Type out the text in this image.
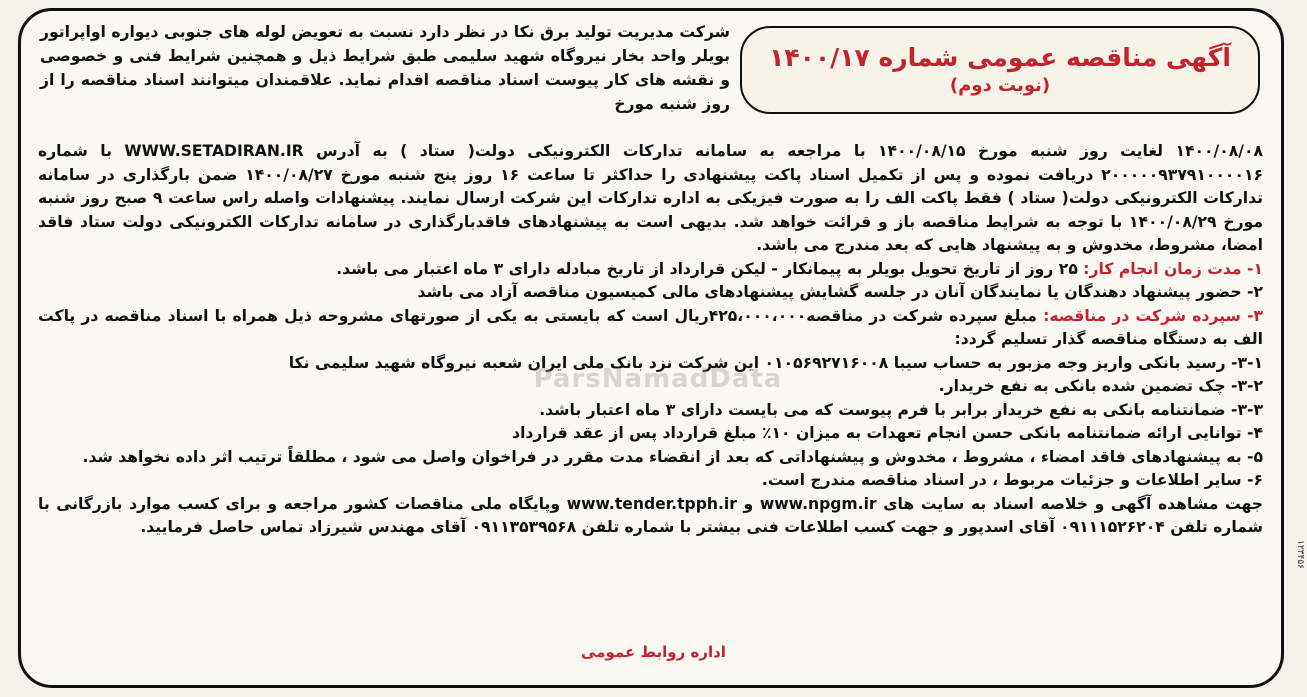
آگهی مناقصه عمومی شماره ۱۴۰۰/۱۷
(نوبت دوم)

شرکت مدیریت تولید برق نکا در نظر دارد نسبت به تعویض لوله های جنوبی دیواره اواپراتور بویلر واحد بخار نیروگاه شهید سلیمی طبق شرایط ذیل و همچنین شرایط فنی و خصوصی و نقشه های کار پیوست اسناد مناقصه اقدام نماید. علاقمندان میتوانند اسناد مناقصه را از روز شنبه مورخ

۱۴۰۰/۰۸/۰۸ لغایت روز شنبه مورخ ۱۴۰۰/۰۸/۱۵ با مراجعه به سامانه تدارکات الکترونیکی دولت( ستاد ) به آدرس WWW.SETADIRAN.IR با شماره ۲۰۰۰۰۰۹۳۷۹۱۰۰۰۰۱۶ دریافت نموده و پس از تکمیل اسناد پاکت پیشنهادی را حداکثر تا ساعت ۱۶ روز پنج شنبه مورخ ۱۴۰۰/۰۸/۲۷ ضمن بارگذاری در سامانه تدارکات الکترونیکی دولت( ستاد ) فقط پاکت الف را به صورت فیزیکی به اداره تدارکات این شرکت ارسال نمایند. پیشنهادات واصله راس ساعت ۹ صبح روز شنبه مورخ ۱۴۰۰/۰۸/۲۹ با توجه به شرایط مناقصه باز و قرائت خواهد شد. بدیهی است به پیشنهادهای فاقدبارگذاری در سامانه تدارکات الکترونیکی دولت ستاد فاقد امضا، مشروط، مخدوش و به پیشنهاد هایی که بعد مندرج می باشد.

۱- مدت زمان انجام کار: ۲۵ روز از تاریخ تحویل بویلر به پیمانکار - لیکن قرارداد از تاریخ مبادله دارای ۳ ماه اعتبار می باشد.

۲- حضور پیشنهاد دهندگان یا نمایندگان آنان در جلسه گشایش پیشنهادهای مالی کمیسیون مناقصه آزاد می باشد

۳- سپرده شرکت در مناقصه: مبلغ سپرده شرکت در مناقصه۴۲۵،۰۰۰،۰۰۰ریال است که بایستی به یکی از صورتهای مشروحه ذیل همراه با اسناد مناقصه در پاکت الف به دستگاه مناقصه گذار تسلیم گردد:

۳-۱- رسید بانکی واریز وجه مزبور به حساب سیبا ۰۱۰۵۶۹۲۷۱۶۰۰۸ این شرکت نزد بانک ملی ایران شعبه نیروگاه شهید سلیمی نکا

۳-۲- چک تضمین شده بانکی به نفع خریدار.

۳-۳- ضمانتنامه بانکی به نفع خریدار برابر با فرم پیوست که می بایست دارای ۳ ماه اعتبار باشد.

۴- توانایی ارائه ضمانتنامه بانکی حسن انجام تعهدات به میزان ۱۰٪ مبلغ قرارداد پس از عقد قرارداد

۵- به پیشنهادهای فاقد امضاء ، مشروط ، مخدوش و پیشنهاداتی که بعد از انقضاء مدت مقرر در فراخوان واصل می شود ، مطلقاً ترتیب اثر داده نخواهد شد.

۶- سایر اطلاعات و جزئیات مربوط ، در اسناد مناقصه مندرج است.

جهت مشاهده آگهی و خلاصه اسناد به سایت های www.npgm.ir و www.tender.tpph.ir وپایگاه ملی مناقصات کشور مراجعه و برای کسب موارد بازرگانی با شماره تلفن ۰۹۱۱۱۵۲۶۲۰۴ آقای اسدپور و جهت کسب اطلاعات فنی بیشتر با شماره تلفن ۰۹۱۱۳۵۳۹۵۶۸ آقای مهندس شیرزاد تماس حاصل فرمایید.

ParsNamadData
اداره روابط عمومی
۱۲۳۴۵۶
